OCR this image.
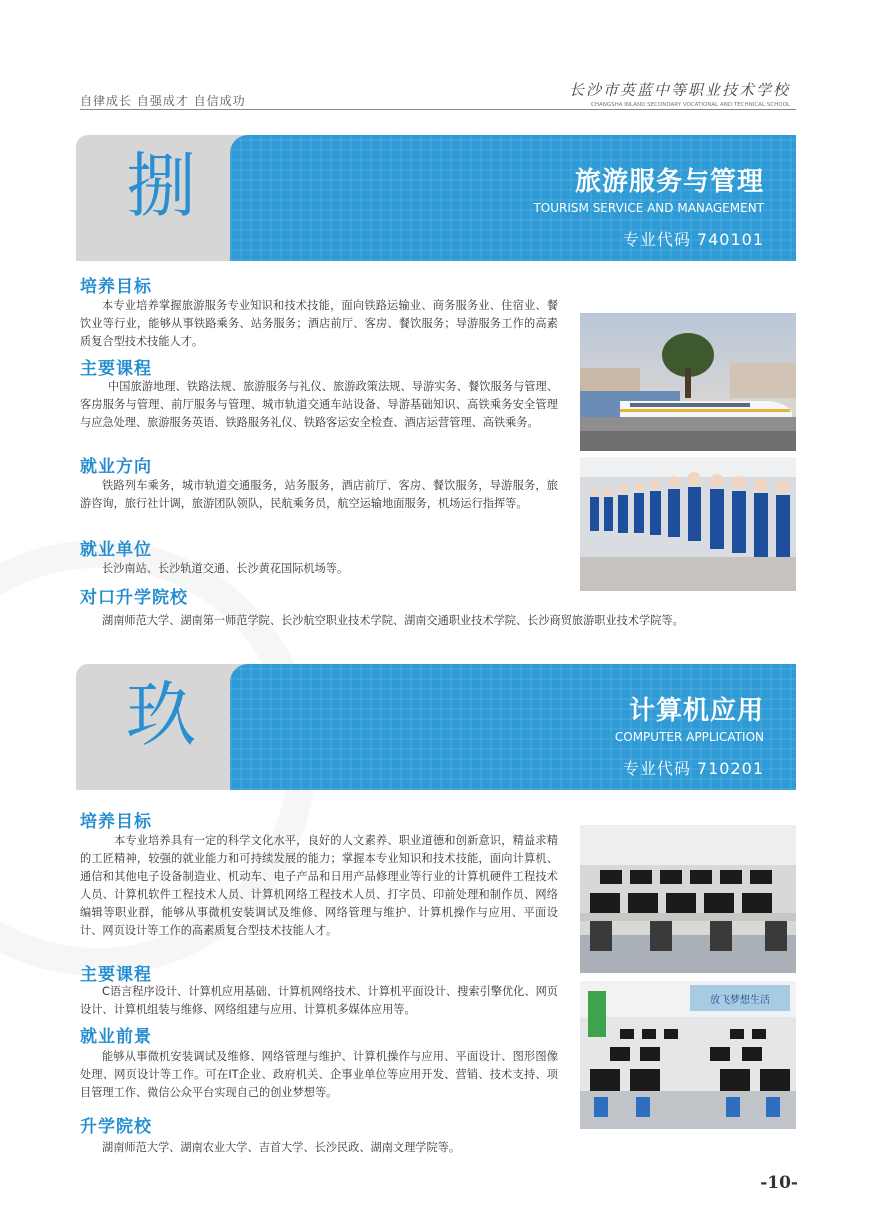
自律成长 自强成才 自信成功
长沙市英蓝中等职业技术学校
CHANGSHA INLAND SECONDARY VOCATIONAL AND TECHNICAL SCHOOL
捌	旅游服务与管理
TOURISM SERVICE AND MANAGEMENT
专业代码 740101
培养目标
本专业培养掌握旅游服务专业知识和技术技能，面向铁路运输业、商务服务业、住宿业、餐饮业等行业，能够从事铁路乘务、站务服务；酒店前厅、客房、餐饮服务；导游服务工作的高素质复合型技术技能人才。
主要课程
中国旅游地理、铁路法规、旅游服务与礼仪、旅游政策法规、导游实务、餐饮服务与管理、客房服务与管理、前厅服务与管理、城市轨道交通车站设备、导游基础知识、高铁乘务安全管理与应急处理、旅游服务英语、铁路服务礼仪、铁路客运安全检查、酒店运营管理、高铁乘务。
就业方向
铁路列车乘务，城市轨道交通服务，站务服务，酒店前厅、客房、餐饮服务，导游服务，旅游咨询，旅行社计调，旅游团队领队，民航乘务员，航空运输地面服务，机场运行指挥等。
就业单位
长沙南站、长沙轨道交通、长沙黄花国际机场等。
对口升学院校
湖南师范大学、湖南第一师范学院、长沙航空职业技术学院、湖南交通职业技术学院、长沙商贸旅游职业技术学院等。
玖	计算机应用
COMPUTER APPLICATION
专业代码 710201
培养目标
本专业培养具有一定的科学文化水平，良好的人文素养、职业道德和创新意识，精益求精的工匠精神，较强的就业能力和可持续发展的能力；掌握本专业知识和技术技能，面向计算机、通信和其他电子设备制造业、机动车、电子产品和日用产品修理业等行业的计算机硬件工程技术人员、计算机软件工程技术人员、计算机网络工程技术人员、打字员、印前处理和制作员、网络编辑等职业群，能够从事微机安装调试及维修、网络管理与维护、计算机操作与应用、平面设计、网页设计等工作的高素质复合型技术技能人才。
主要课程
C语言程序设计、计算机应用基础、计算机网络技术、计算机平面设计、搜索引擎优化、网页设计、计算机组装与维修、网络组建与应用、计算机多媒体应用等。
就业前景
能够从事微机安装调试及维修、网络管理与维护、计算机操作与应用、平面设计、图形图像处理、网页设计等工作。可在IT企业、政府机关、企事业单位等应用开发、营销、技术支持、项目管理工作、微信公众平台实现自己的创业梦想等。
升学院校
湖南师范大学、湖南农业大学、吉首大学、长沙民政、湖南文理学院等。
放飞梦想生活
-10-
